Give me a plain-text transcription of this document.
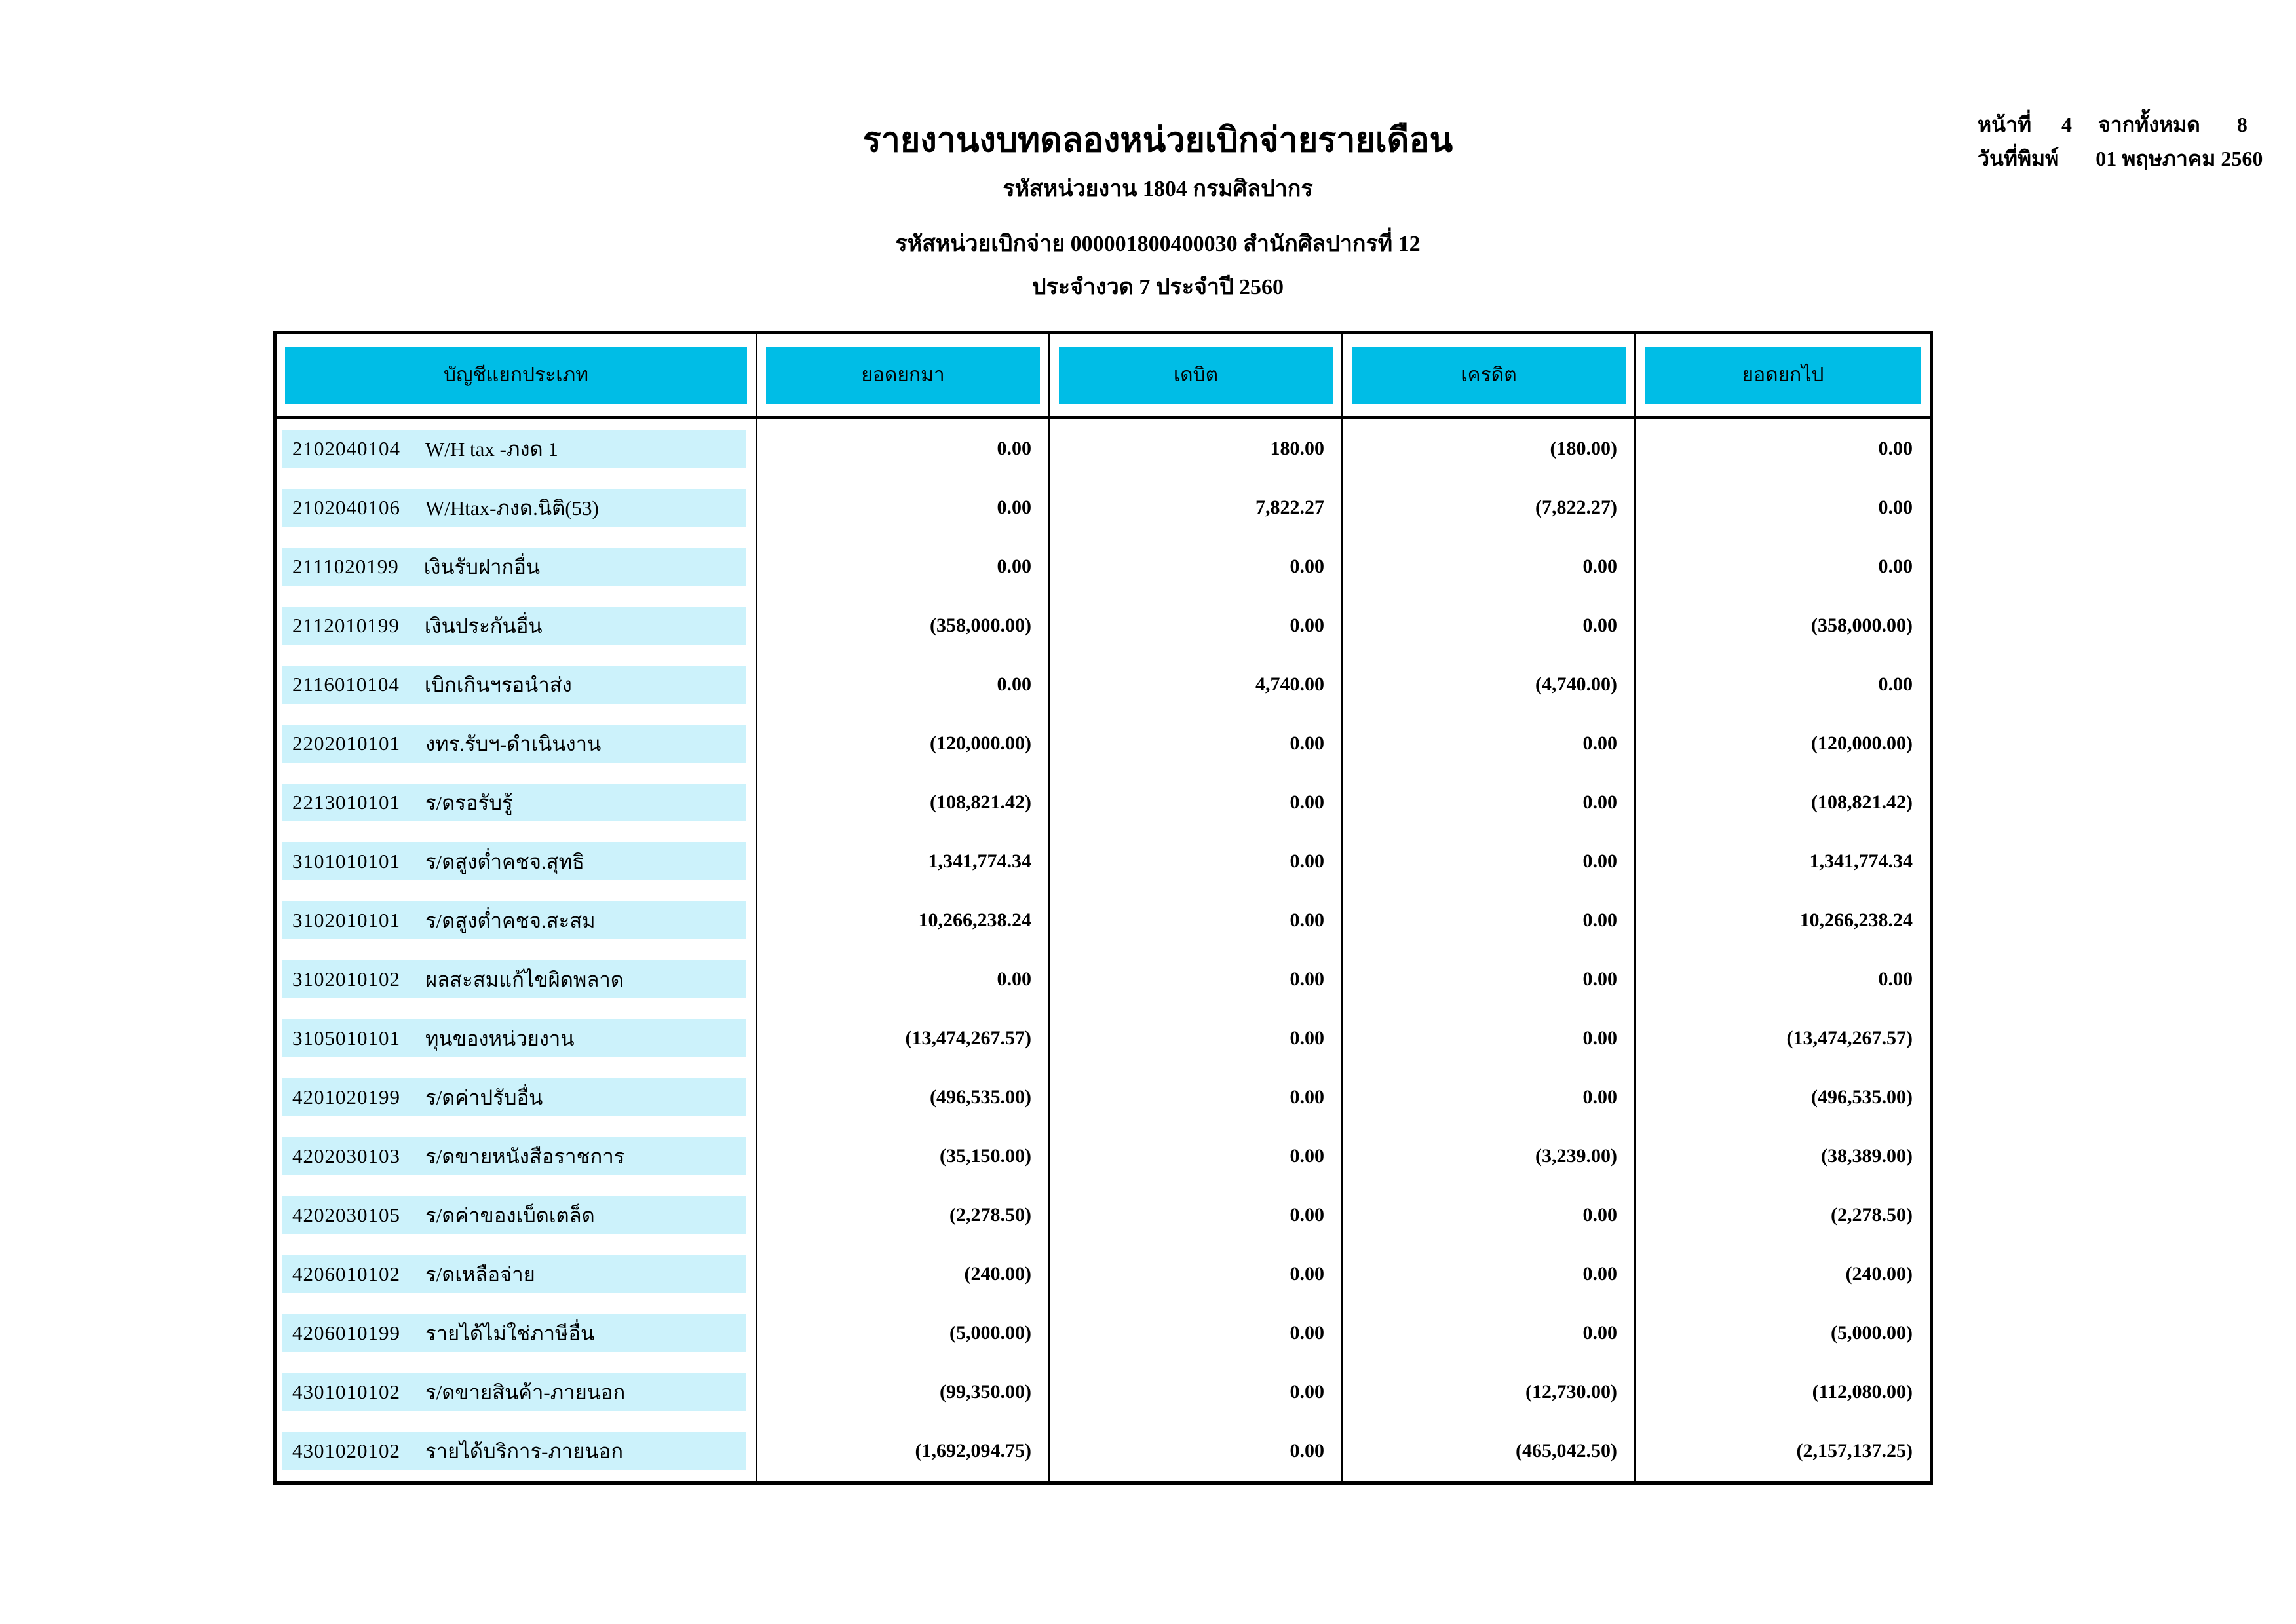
รายงานงบทดลองหน่วยเบิกจ่ายรายเดือน
รหัสหน่วยงาน 1804 กรมศิลปากร
รหัสหน่วยเบิกจ่าย 000001800400030 สำนักศิลปากรที่ 12
ประจำงวด 7 ประจำปี 2560
หน้าที่ 4 จากทั้งหมด 8
วันที่พิมพ์ 01 พฤษภาคม 2560
บัญชีแยกประเภท	ยอดยกมา	เดบิต	เครดิต	ยอดยกไป
2102040104 W/H tax -ภงด 1	0.00	180.00	(180.00)	0.00
2102040106 W/Htax-ภงด.นิติ(53)	0.00	7,822.27	(7,822.27)	0.00
2111020199 เงินรับฝากอื่น	0.00	0.00	0.00	0.00
2112010199 เงินประกันอื่น	(358,000.00)	0.00	0.00	(358,000.00)
2116010104 เบิกเกินฯรอนำส่ง	0.00	4,740.00	(4,740.00)	0.00
2202010101 งทร.รับฯ-ดำเนินงาน	(120,000.00)	0.00	0.00	(120,000.00)
2213010101 ร/ดรอรับรู้	(108,821.42)	0.00	0.00	(108,821.42)
3101010101 ร/ดสูงต่ำคชจ.สุทธิ	1,341,774.34	0.00	0.00	1,341,774.34
3102010101 ร/ดสูงต่ำคชจ.สะสม	10,266,238.24	0.00	0.00	10,266,238.24
3102010102 ผลสะสมแก้ไขผิดพลาด	0.00	0.00	0.00	0.00
3105010101 ทุนของหน่วยงาน	(13,474,267.57)	0.00	0.00	(13,474,267.57)
4201020199 ร/ดค่าปรับอื่น	(496,535.00)	0.00	0.00	(496,535.00)
4202030103 ร/ดขายหนังสือราชการ	(35,150.00)	0.00	(3,239.00)	(38,389.00)
4202030105 ร/ดค่าของเบ็ดเตล็ด	(2,278.50)	0.00	0.00	(2,278.50)
4206010102 ร/ดเหลือจ่าย	(240.00)	0.00	0.00	(240.00)
4206010199 รายได้ไม่ใช่ภาษีอื่น	(5,000.00)	0.00	0.00	(5,000.00)
4301010102 ร/ดขายสินค้า-ภายนอก	(99,350.00)	0.00	(12,730.00)	(112,080.00)
4301020102 รายได้บริการ-ภายนอก	(1,692,094.75)	0.00	(465,042.50)	(2,157,137.25)
